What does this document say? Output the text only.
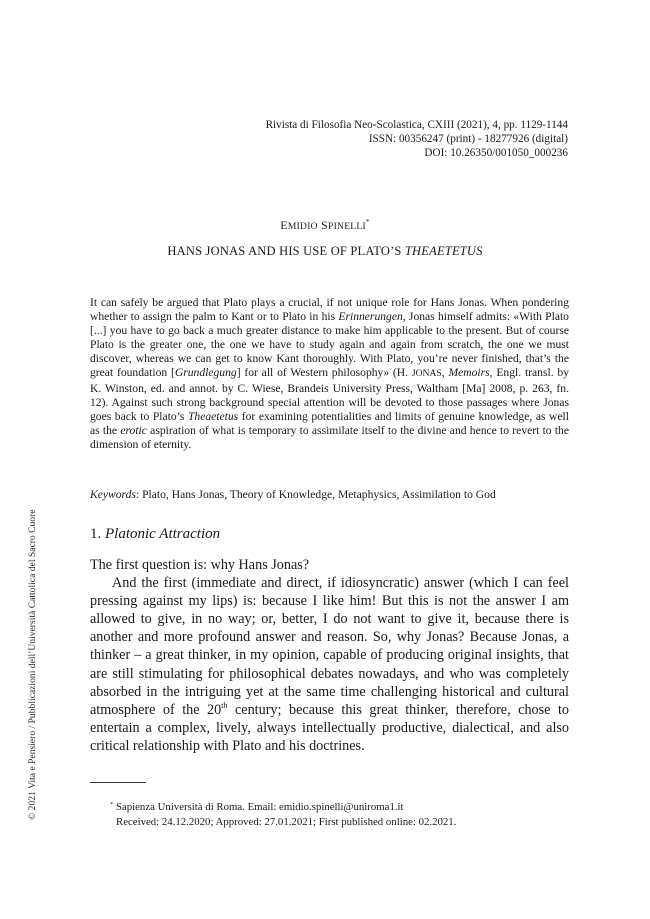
Rivista di Filosofia Neo-Scolastica, CXIII (2021), 4, pp. 1129-1144
ISSN: 00356247 (print) - 18277926 (digital)
DOI: 10.26350/001050_000236
EMIDIO SPINELLI*
HANS JONAS AND HIS USE OF PLATO’S THEAETETUS

It can safely be argued that Plato plays a crucial, if not unique role for Hans Jonas. When pondering whether to assign the palm to Kant or to Plato in his Erinnerungen, Jonas himself admits: «With Plato [...] you have to go back a much greater distance to make him applicable to the present. But of course Plato is the greater one, the one we have to study again and again from scratch, the one we must discover, whereas we can get to know Kant thoroughly. With Plato, you’re never finished, that’s the great foundation [Grundlegung] for all of Western philosophy» (H. JONAS, Memoirs, Engl. transl. by K. Winston, ed. and annot. by C. Wiese, Brandeis University Press, Waltham [Ma] 2008, p. 263, fn. 12). Against such strong background special attention will be devoted to those passages where Jonas goes back to Plato’s Theaetetus for examining potentialities and limits of genuine knowledge, as well as the erotic aspiration of what is temporary to assimilate itself to the divine and hence to revert to the dimension of eternity.

Keywords: Plato, Hans Jonas, Theory of Knowledge, Metaphysics, Assimilation to God
1. Platonic Attraction

The first question is: why Hans Jonas?

And the first (immediate and direct, if idiosyncratic) answer (which I can feel pressing against my lips) is: because I like him! But this is not the answer I am allowed to give, in no way; or, better, I do not want to give it, because there is another and more profound answer and reason. So, why Jonas? Because Jonas, a thinker – a great thinker, in my opinion, capable of producing original insights, that are still stimulating for philosophical debates nowadays, and who was completely absorbed in the intriguing yet at the same time challenging historical and cultural atmosphere of the 20th century; because this great thinker, therefore, chose to entertain a complex, lively, always intellectually productive, dialectical, and also critical relationship with Plato and his doctrines.

* Sapienza Università di Roma. Email: emidio.spinelli@uniroma1.it
Received: 24.12.2020; Approved: 27.01.2021; First published online: 02.2021.
© 2021 Vita e Pensiero / Pubblicazioni dell’Università Cattolica del Sacro Cuore
